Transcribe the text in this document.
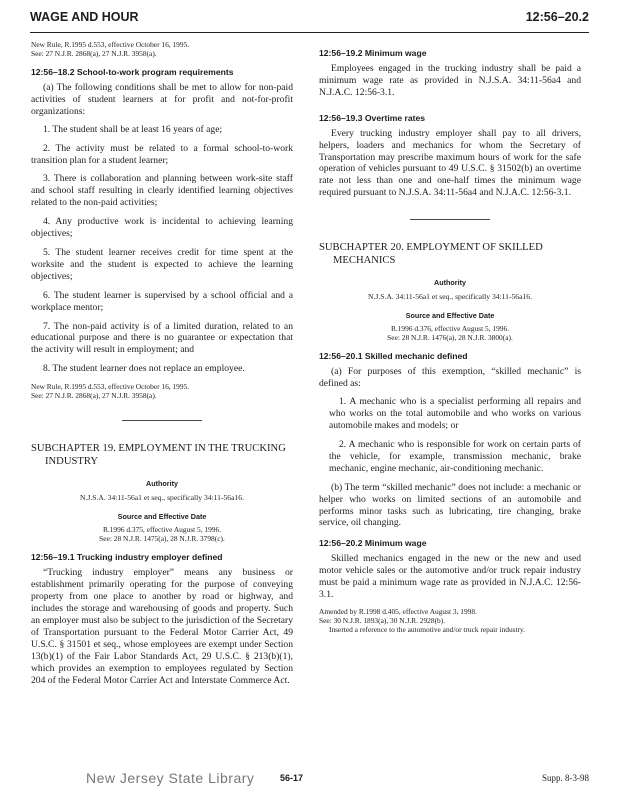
WAGE AND HOUR	12:56–20.2

New Rule, R.1995 d.553, effective October 16, 1995.

See: 27 N.J.R. 2868(a), 27 N.J.R. 3958(a).

12:56–18.2 School-to-work program requirements

(a) The following conditions shall be met to allow for non-paid activities of student learners at for profit and not-for-profit organizations:

1. The student shall be at least 16 years of age;

2. The activity must be related to a formal school-to-work transition plan for a student learner;

3. There is collaboration and planning between work-site staff and school staff resulting in clearly identified learning objectives related to the non-paid activities;

4. Any productive work is incidental to achieving learning objectives;

5. The student learner receives credit for time spent at the worksite and the student is expected to achieve the learning objectives;

6. The student learner is supervised by a school official and a workplace mentor;

7. The non-paid activity is of a limited duration, related to an educational purpose and there is no guarantee or expectation that the activity will result in employment; and

8. The student learner does not replace an employee.

New Rule, R.1995 d.553, effective October 16, 1995.

See: 27 N.J.R. 2868(a), 27 N.J.R. 3958(a).

SUBCHAPTER 19. EMPLOYMENT IN THE TRUCKING INDUSTRY
Authority
N.J.S.A. 34:11-56a1 et seq., specifically 34:11-56a16.
Source and Effective Date

R.1996 d.375, effective August 5, 1996.

See: 28 N.J.R. 1475(a), 28 N.J.R. 3798(c).

12:56–19.1 Trucking industry employer defined

“Trucking industry employer” means any business or establishment primarily operating for the purpose of conveying property from one place to another by road or highway, and includes the storage and warehousing of goods and property. Such an employer must also be subject to the jurisdiction of the Secretary of Transportation pursuant to the Federal Motor Carrier Act, 49 U.S.C. § 31501 et seq., whose employees are exempt under Section 13(b)(1) of the Fair Labor Standards Act, 29 U.S.C. § 213(b)(1), which provides an exemption to employees regulated by Section 204 of the Federal Motor Carrier Act and Interstate Commerce Act.

12:56–19.2 Minimum wage

Employees engaged in the trucking industry shall be paid a minimum wage rate as provided in N.J.S.A. 34:11-56a4 and N.J.A.C. 12:56-3.1.

12:56–19.3 Overtime rates

Every trucking industry employer shall pay to all drivers, helpers, loaders and mechanics for whom the Secretary of Transportation may prescribe maximum hours of work for the safe operation of vehicles pursuant to 49 U.S.C. § 31502(b) an overtime rate not less than one and one-half times the minimum wage required pursuant to N.J.S.A. 34:11-56a4 and N.J.A.C. 12:56-3.1.

SUBCHAPTER 20. EMPLOYMENT OF SKILLED MECHANICS
Authority
N.J.S.A. 34:11-56a1 et seq., specifically 34:11-56a16.
Source and Effective Date

R.1996 d.376, effective August 5, 1996.

See: 28 N.J.R. 1476(a), 28 N.J.R. 3800(a).

12:56–20.1 Skilled mechanic defined

(a) For purposes of this exemption, “skilled mechanic” is defined as:

1. A mechanic who is a specialist performing all repairs and who works on the total automobile and who works on various automobile makes and models; or

2. A mechanic who is responsible for work on certain parts of the vehicle, for example, transmission mechanic, brake mechanic, engine mechanic, air-conditioning mechanic.

(b) The term “skilled mechanic” does not include: a mechanic or helper who works on limited sections of an automobile and performs minor tasks such as lubricating, tire changing, brake service, oil changing.

12:56–20.2 Minimum wage

Skilled mechanics engaged in the new or the new and used motor vehicle sales or the automotive and/or truck repair industry must be paid a minimum wage rate as provided in N.J.A.C. 12:56-3.1.

Amended by R.1998 d.405, effective August 3, 1998.

See: 30 N.J.R. 1893(a), 30 N.J.R. 2928(b).

Inserted a reference to the automotive and/or truck repair industry.

New Jersey State Library	56-17	Supp. 8-3-98
